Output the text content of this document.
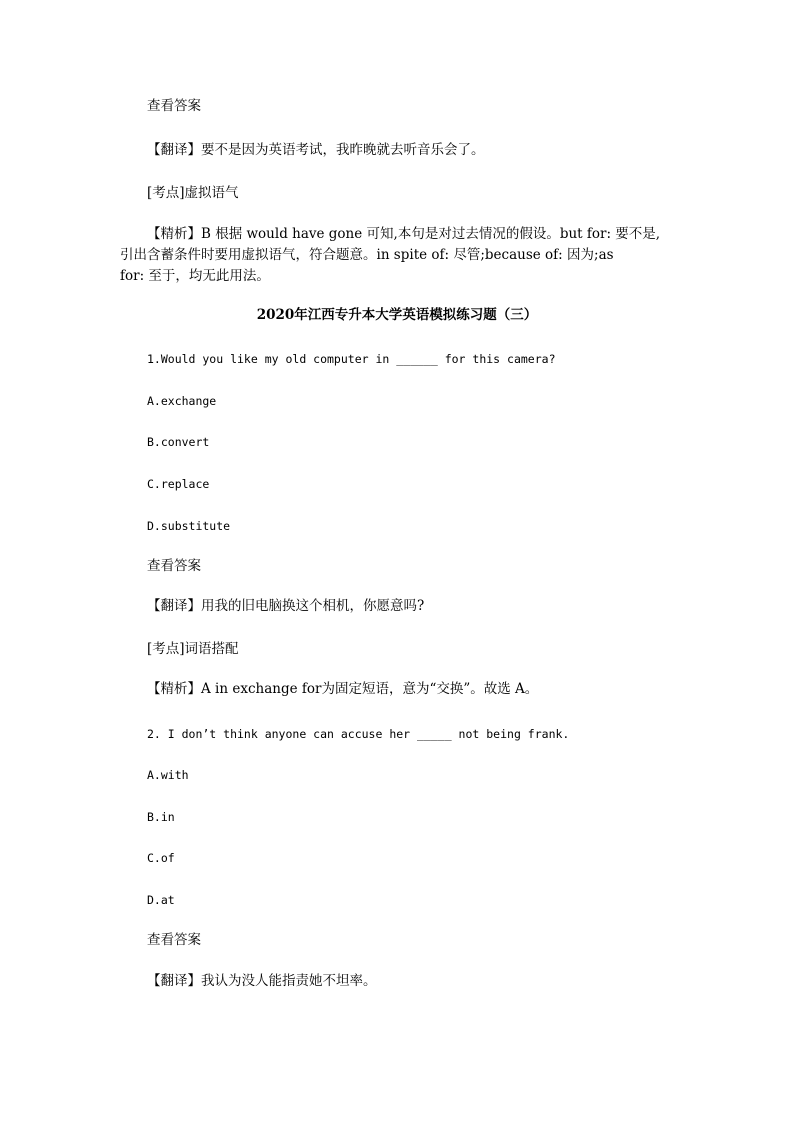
查看答案

【翻译】要不是因为英语考试，我昨晚就去听音乐会了。

[考点]虚拟语气

【精析】B 根据 would have gone 可知,本句是对过去情况的假设。but for: 要不是,
引出含蓄条件时要用虚拟语气，符合题意。in spite of: 尽管;because of: 因为;as
for: 至于，均无此用法。
2020年江西专升本大学英语模拟练习题（三）

1.Would you like my old computer in ______ for this camera?

A.exchange

B.convert

C.replace

D.substitute

查看答案

【翻译】用我的旧电脑换这个相机，你愿意吗?

[考点]词语搭配

【精析】A in exchange for为固定短语，意为“交换”。故选 A。

2. I don’t think anyone can accuse her _____ not being frank.

A.with

B.in

C.of

D.at

查看答案

【翻译】我认为没人能指责她不坦率。
